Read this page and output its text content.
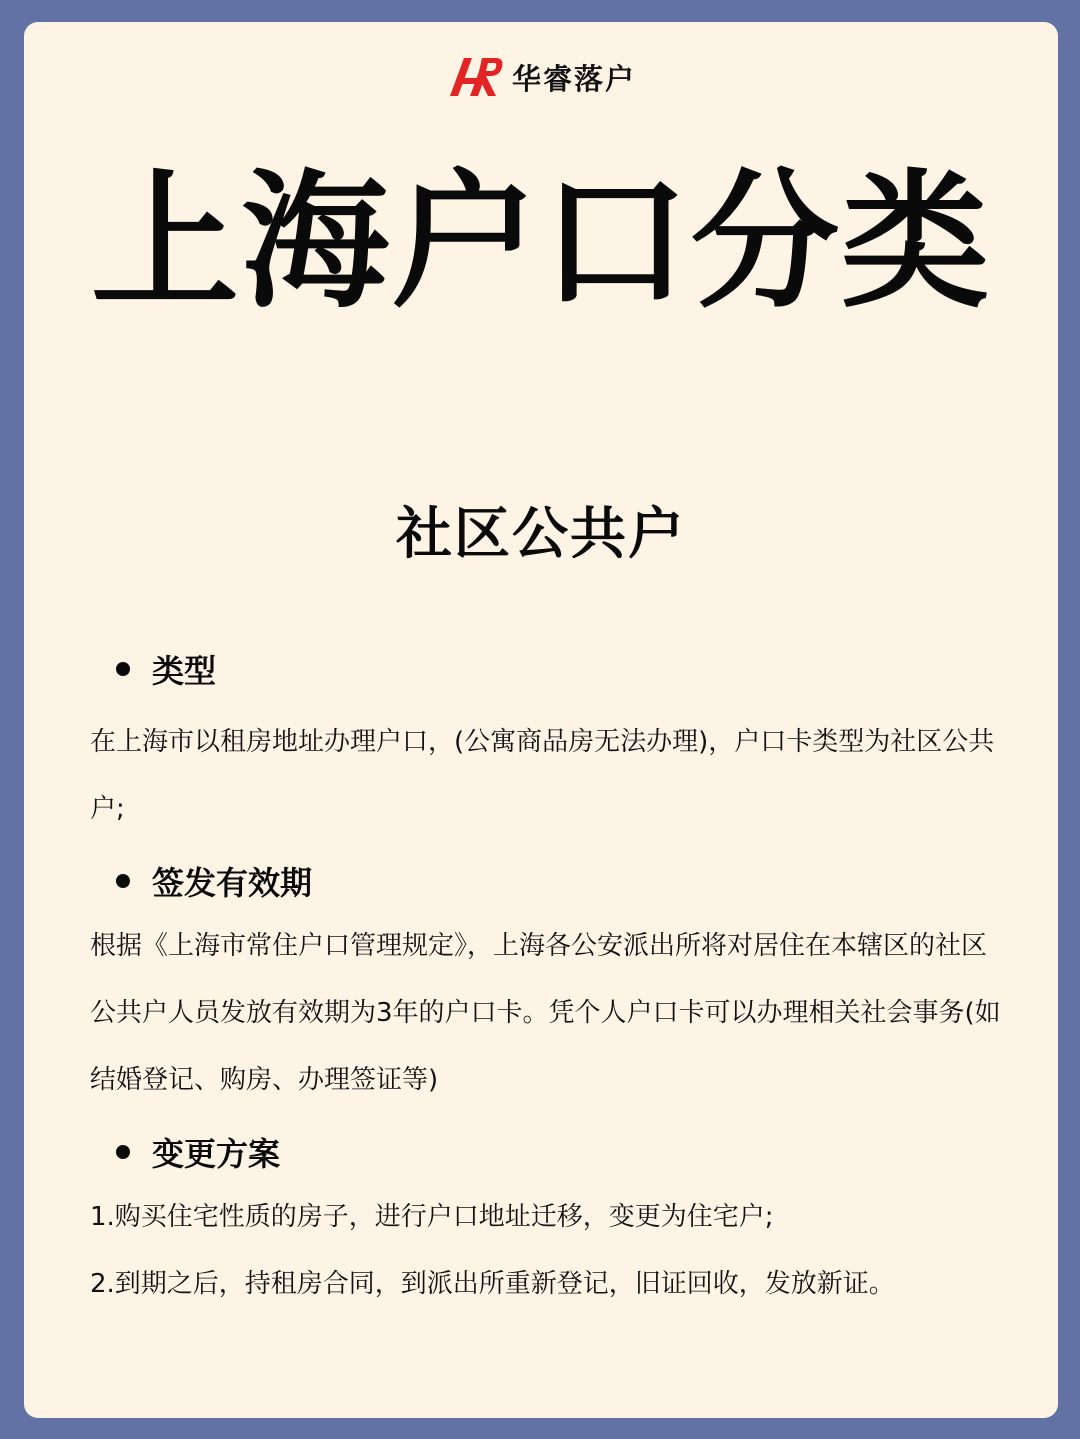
华睿落户
上海户口分类
社区公共户
类型

在上海市以租房地址办理户口，(公寓商品房无法办理)，户口卡类型为社区公共户;

签发有效期

根据《上海市常住户口管理规定》，上海各公安派出所将对居住在本辖区的社区公共户人员发放有效期为3年的户口卡。凭个人户口卡可以办理相关社会事务(如结婚登记、购房、办理签证等)

变更方案

1.购买住宅性质的房子，进行户口地址迁移，变更为住宅户;

2.到期之后，持租房合同，到派出所重新登记，旧证回收，发放新证。
